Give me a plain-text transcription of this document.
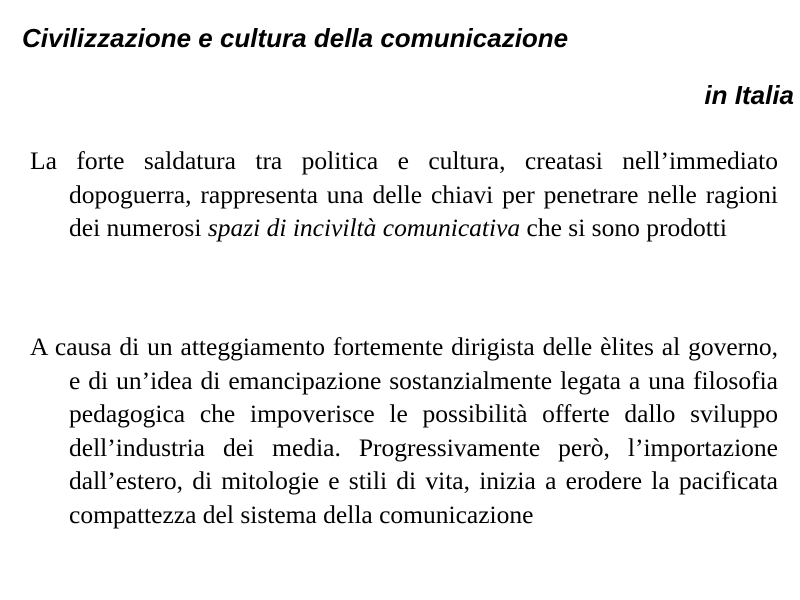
Civilizzazione e cultura della comunicazione
in Italia

La forte saldatura tra politica e cultura, creatasi nell’immediato dopoguerra, rappresenta una delle chiavi per penetrare nelle ragioni dei numerosi spazi di inciviltà comunicativa che si sono prodotti

A causa di un atteggiamento fortemente dirigista delle èlites al governo, e di un’idea di emancipazione sostanzialmente legata a una filosofia pedagogica che impoverisce le possibilità offerte dallo sviluppo dell’industria dei media. Progressivamente però, l’importazione dall’estero, di mitologie e stili di vita, inizia a erodere la pacificata compattezza del sistema della comunicazione
